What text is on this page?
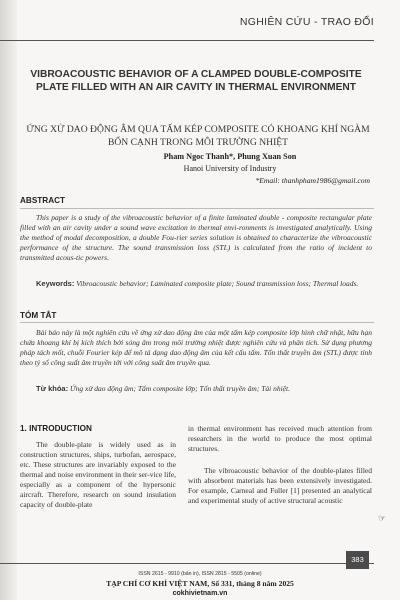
NGHIÊN CỨU - TRAO ĐỔI
VIBROACOUSTIC BEHAVIOR OF A CLAMPED DOUBLE-COMPOSITE PLATE FILLED WITH AN AIR CAVITY IN THERMAL ENVIRONMENT
ỨNG XỬ DAO ĐỘNG ÂM QUA TẤM KÉP COMPOSITE CÓ KHOANG KHÍ NGÀM BỐN CẠNH TRONG MÔI TRƯỜNG NHIỆT
Pham Ngoc Thanh*, Phung Xuan Son
Hanoi University of Industry
*Email: thanhpham1986@gmail.com
ABSTRACT
This paper is a study of the vibroacoustic behavior of a finite laminated double - composite rectangular plate filled with an air cavity under a sound wave excitation in thermal envi-ronments is investigated analytically. Using the method of modal decomposition, a double Fou-rier series solution is obtained to characterize the vibroacoustic performance of the structure. The sound transmission loss (STL) is calculated from the ratio of incident to transmitted acous-tic powers.
Keywords: Vibroacoustic behavior; Laminated composite plate; Sound transmission loss; Thermal loads.
TÓM TẮT
Bài báo này là một nghiên cứu về ứng xử dao động âm của một tấm kép composite lớp hình chữ nhật, hữu hạn chứa khoang khí bị kích thích bởi sóng âm trong môi trường nhiệt được nghiên cứu và phân tích. Sử dụng phương pháp tách mốt, chuỗi Fourier kép để mô tả dạng dao động âm của kết cấu tấm. Tổn thất truyền âm (STL) được tính theo tỷ số công suất âm truyền tới với công suất âm truyền qua.
Từ khóa: Ứng xử dao động âm; Tấm composite lớp; Tổn thất truyền âm; Tải nhiệt.
1. INTRODUCTION
The double-plate is widely used as in construction structures, ships, turbofan, aerospace, etc. These structures are invariably exposed to the thermal and noise environment in their ser-vice life, especially as a component of the hypersonic aircraft. Therefore, research on sound insulation capacity of double-plate
in thermal environment has received much attention from researchers in the world to produce the most optimal structures.
The vibroacoustic behavior of the double-plates filled with absorbent materials has been extensively investigated. For example, Carneal and Fuller [1] presented an analytical and experimental study of active structural acoustic
☞
383
ISSN 2615 - 9910 (bản in), ISSN 2815 - 5505 (online)
TẠP CHÍ CƠ KHÍ VIỆT NAM, Số 331, tháng 8 năm 2025
cokhivietnam.vn
